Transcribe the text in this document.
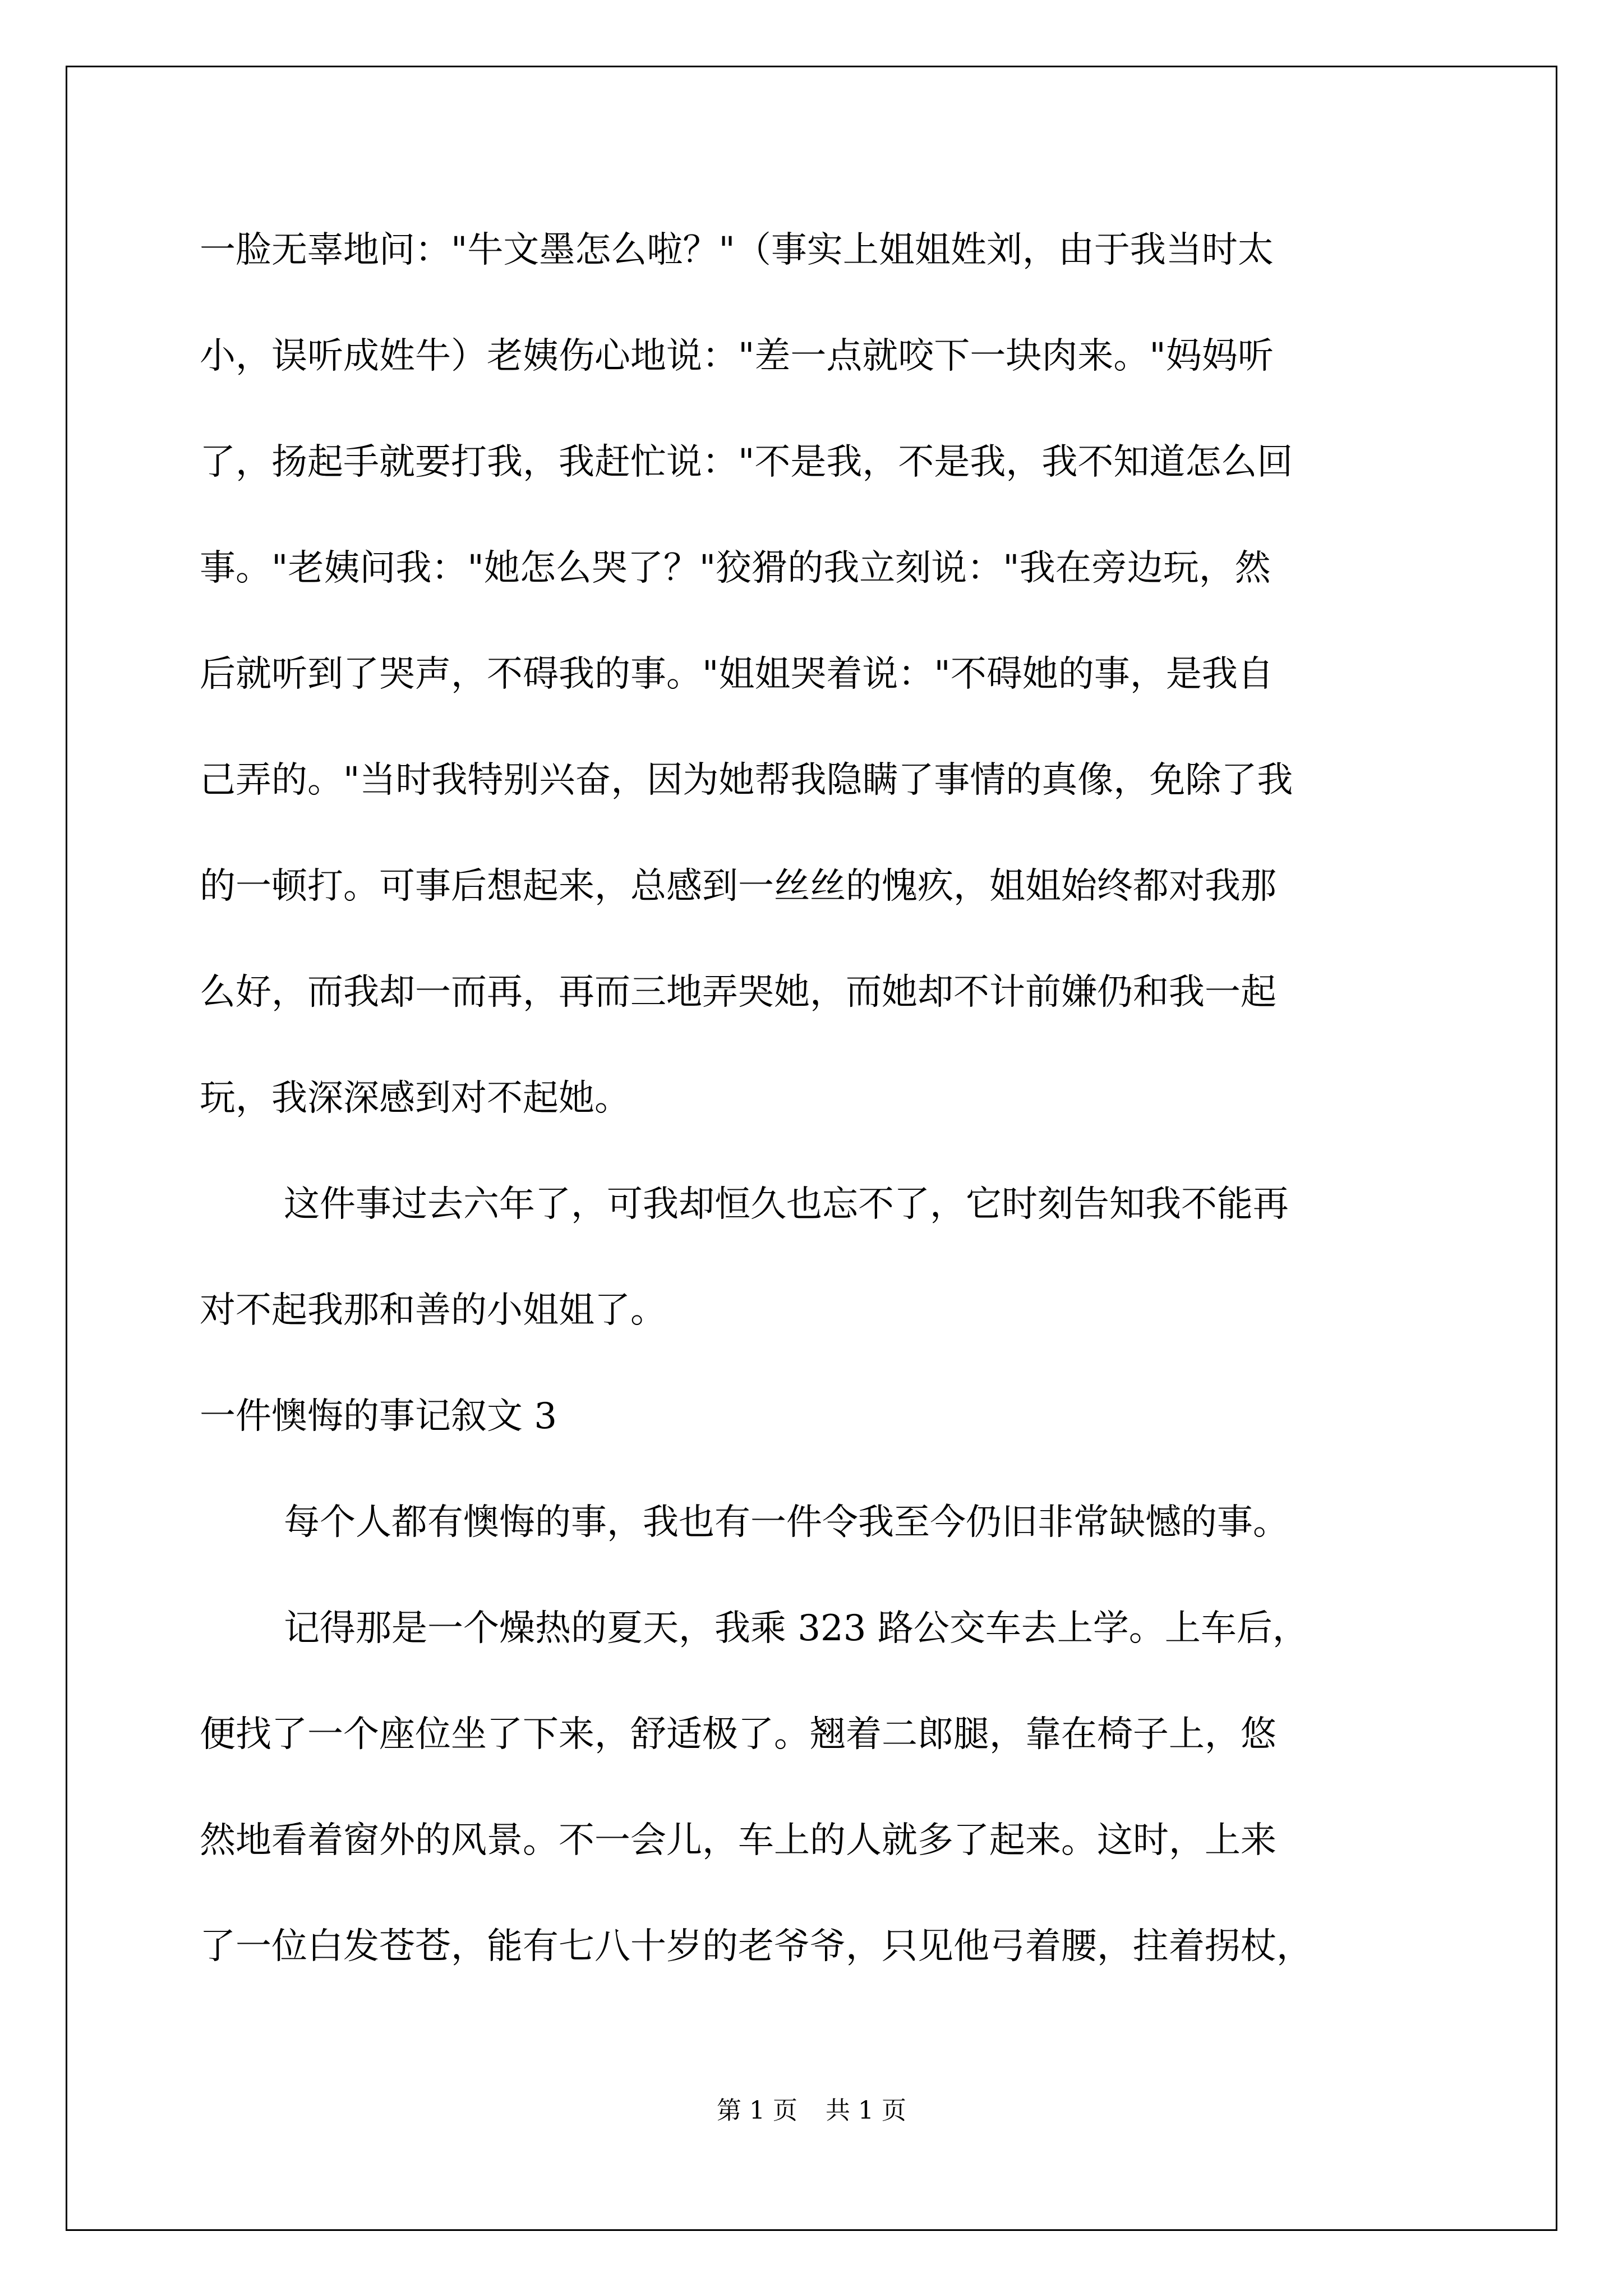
一脸无辜地问："牛文墨怎么啦？"（事实上姐姐姓刘，由于我当时太
小，误听成姓牛）老姨伤心地说："差一点就咬下一块肉来。"妈妈听
了，扬起手就要打我，我赶忙说："不是我，不是我，我不知道怎么回
事。"老姨问我："她怎么哭了？"狡猾的我立刻说："我在旁边玩，然
后就听到了哭声，不碍我的事。"姐姐哭着说："不碍她的事，是我自
己弄的。"当时我特别兴奋，因为她帮我隐瞒了事情的真像，免除了我
的一顿打。可事后想起来，总感到一丝丝的愧疚，姐姐始终都对我那
么好，而我却一而再，再而三地弄哭她，而她却不计前嫌仍和我一起
玩，我深深感到对不起她。
这件事过去六年了，可我却恒久也忘不了，它时刻告知我不能再
对不起我那和善的小姐姐了。
一件懊悔的事记叙文 3
每个人都有懊悔的事，我也有一件令我至今仍旧非常缺憾的事。
记得那是一个燥热的夏天，我乘 323 路公交车去上学。上车后，
便找了一个座位坐了下来，舒适极了。翘着二郎腿，靠在椅子上，悠
然地看着窗外的风景。不一会儿，车上的人就多了起来。这时，上来
了一位白发苍苍，能有七八十岁的老爷爷，只见他弓着腰，拄着拐杖，
第 1 页 共 1 页
